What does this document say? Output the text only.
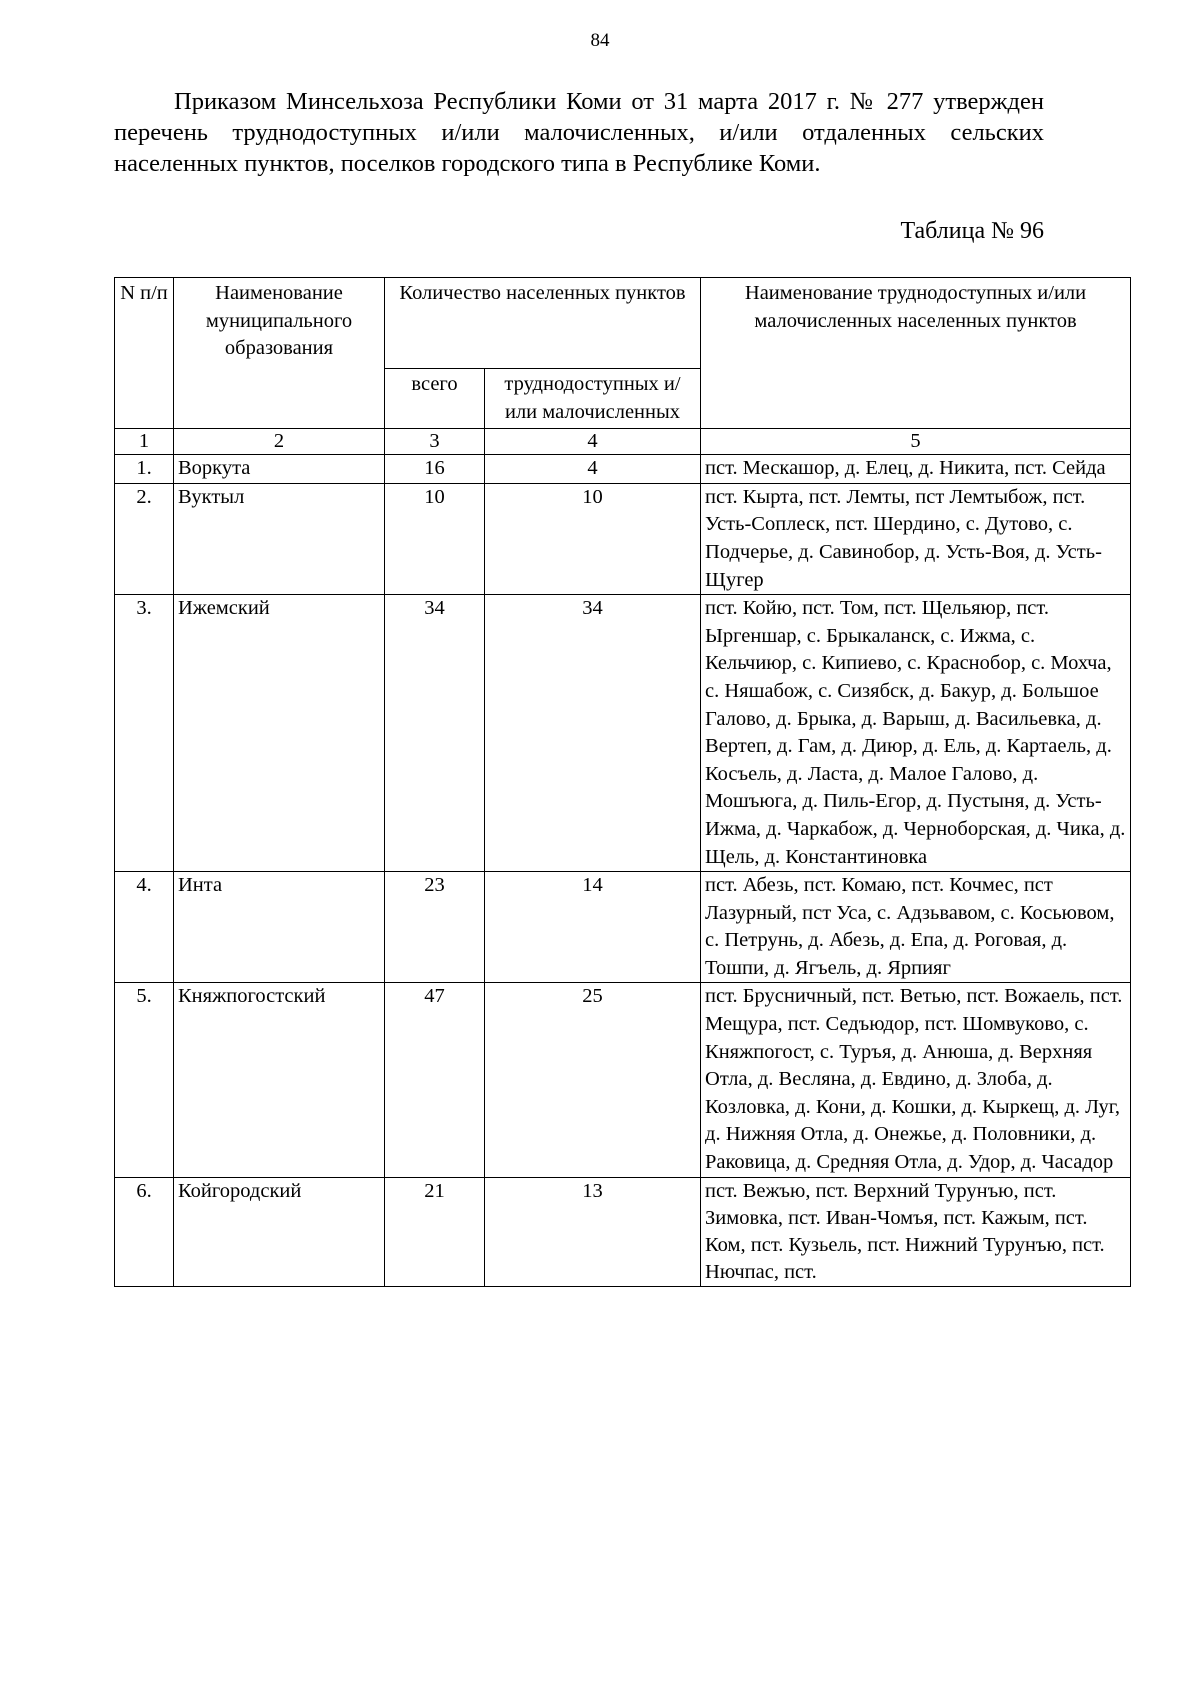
84

Приказом Минсельхоза Республики Коми от 31 марта 2017 г. № 277 утвержден перечень труднодоступных и/или малочисленных, и/или отдаленных сельских населенных пунктов, поселков городского типа в Республике Коми.

Таблица № 96
N п/п	Наименование муниципального образования	Количество населенных пунктов		Наименование труднодоступных и/или малочисленных населенных пунктов
		всего	труднодоступных и/или малочисленных	
1	2	3	4	5
1.	Воркута	16	4	пст. Мескашор, д. Елец, д. Никита, пст. Сейда
2.	Вуктыл	10	10	пст. Кырта, пст. Лемты, пст Лемтыбож, пст. Усть-Соплеск, пст. Шердино, с. Дутово, с. Подчерье, д. Савинобор, д. Усть-Воя, д. Усть-Щугер
3.	Ижемский	34	34	пст. Койю, пст. Том, пст. Щельяюр, пст. Ыргеншар, с. Брыкаланск, с. Ижма, с. Кельчиюр, с. Кипиево, с. Краснобор, с. Мохча, с. Няшабож, с. Сизябск, д. Бакур, д. Большое Галово, д. Брыка, д. Варыш, д. Васильевка, д. Вертеп, д. Гам, д. Диюр, д. Ель, д. Картаель, д. Косъель, д. Ласта, д. Малое Галово, д. Мошъюга, д. Пиль-Егор, д. Пустыня, д. Усть-Ижма, д. Чаркабож, д. Черноборская, д. Чика, д. Щель, д. Константиновка
4.	Инта	23	14	пст. Абезь, пст. Комаю, пст. Кочмес, пст Лазурный, пст Уса, с. Адзьвавом, с. Косьювом, с. Петрунь, д. Абезь, д. Епа, д. Роговая, д. Тошпи, д. Ягъель, д. Ярпияг
5.	Княжпогостский	47	25	пст. Брусничный, пст. Ветью, пст. Вожаель, пст. Мещура, пст. Седъюдор, пст. Шомвуково, с. Княжпогост, с. Туръя, д. Анюша, д. Верхняя Отла, д. Весляна, д. Евдино, д. Злоба, д. Козловка, д. Кони, д. Кошки, д. Кыркещ, д. Луг, д. Нижняя Отла, д. Онежье, д. Половники, д. Раковица, д. Средняя Отла, д. Удор, д. Часадор
6.	Койгородский	21	13	пст. Вежъю, пст. Верхний Турунъю, пст. Зимовка, пст. Иван-Чомъя, пст. Кажым, пст. Ком, пст. Кузьель, пст. Нижний Турунъю, пст. Нючпас, пст.
